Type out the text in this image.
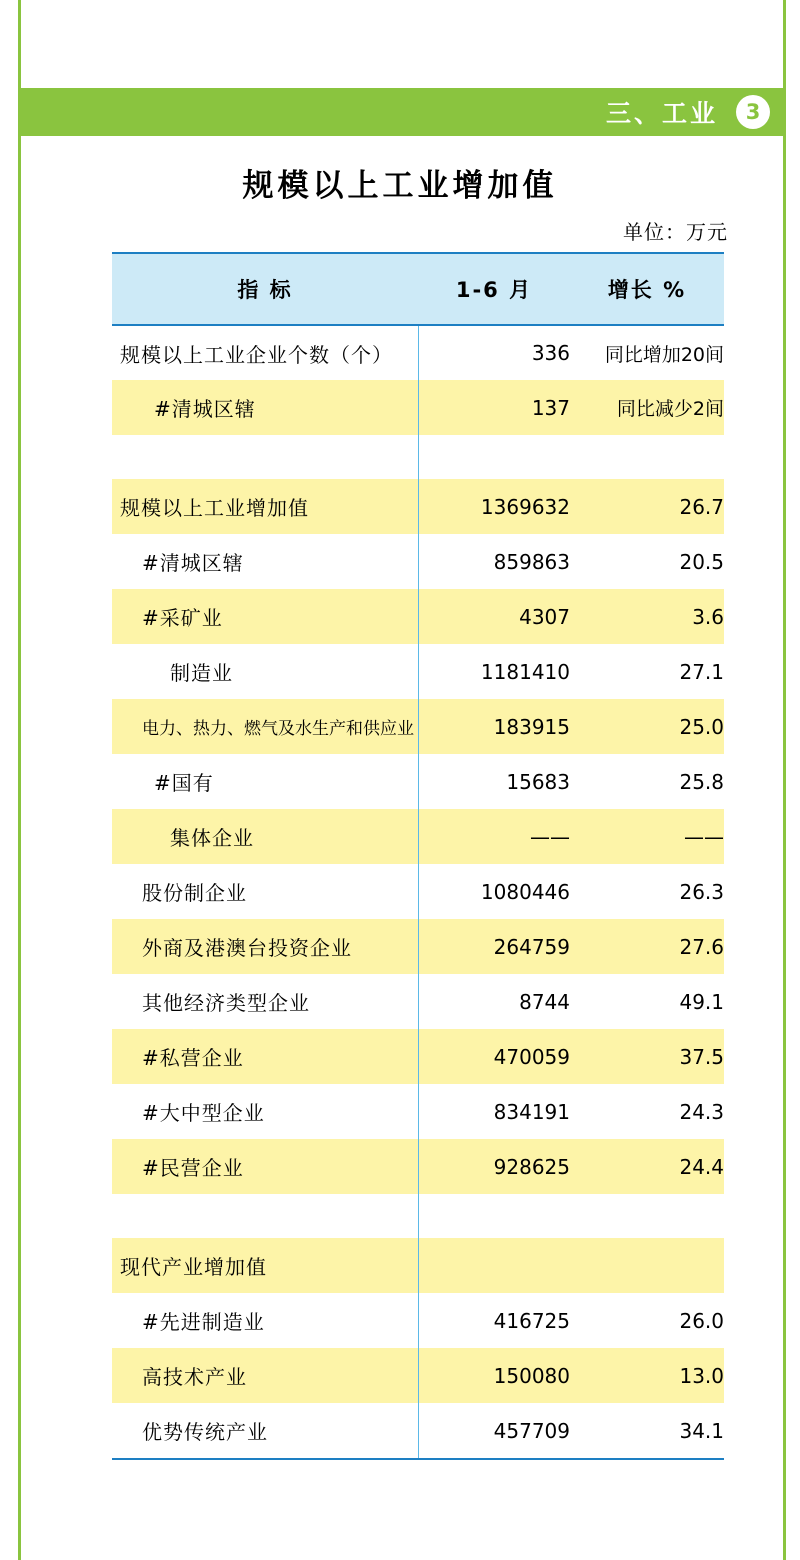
三、工业	3
规模以上工业增加值
单位：万元
指 标	1-6 月	增长 %
规模以上工业企业个数（个）	336	同比增加20间
#清城区辖	137	同比减少2间

规模以上工业增加值	1369632	26.7
#清城区辖	859863	20.5
#采矿业	4307	3.6
制造业	1181410	27.1
电力、热力、燃气及水生产和供应业	183915	25.0
#国有	15683	25.8
集体企业	——	——
股份制企业	1080446	26.3
外商及港澳台投资企业	264759	27.6
其他经济类型企业	8744	49.1
#私营企业	470059	37.5
#大中型企业	834191	24.3
#民营企业	928625	24.4

现代产业增加值		
#先进制造业	416725	26.0
高技术产业	150080	13.0
优势传统产业	457709	34.1
